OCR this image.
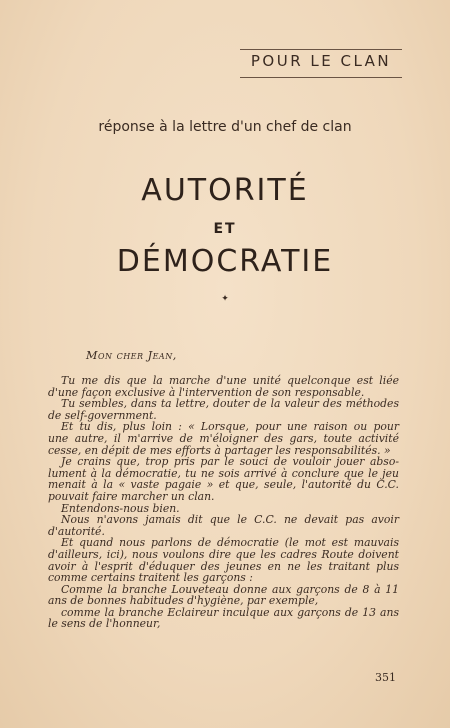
POUR LE CLAN
réponse à la lettre d'un chef de clan
AUTORITÉ
ET
DÉMOCRATIE
✦
Mon cher Jean,
Tu me dis que la marche d'une unité quelconque est liée
d'une façon exclusive à l'intervention de son responsable.
Tu sembles, dans ta lettre, douter de la valeur des méthodes
de self-government.
Et tu dis, plus loin : « Lorsque, pour une raison ou pour
une autre, il m'arrive de m'éloigner des gars, toute activité
cesse, en dépit de mes efforts à partager les responsabilités. »
Je crains que, trop pris par le souci de vouloir jouer abso-
lument à la démocratie, tu ne sois arrivé à conclure que le jeu
menait à la « vaste pagaie » et que, seule, l'autorité du C.C.
pouvait faire marcher un clan.
Entendons-nous bien.
Nous n'avons jamais dit que le C.C. ne devait pas avoir
d'autorité.
Et quand nous parlons de démocratie (le mot est mauvais
d'ailleurs, ici), nous voulons dire que les cadres Route doivent
avoir à l'esprit d'éduquer des jeunes en ne les traitant plus
comme certains traitent les garçons :
Comme la branche Louveteau donne aux garçons de 8 à 11
ans de bonnes habitudes d'hygiène, par exemple,
comme la branche Eclaireur inculque aux garçons de 13 ans
le sens de l'honneur,
351
